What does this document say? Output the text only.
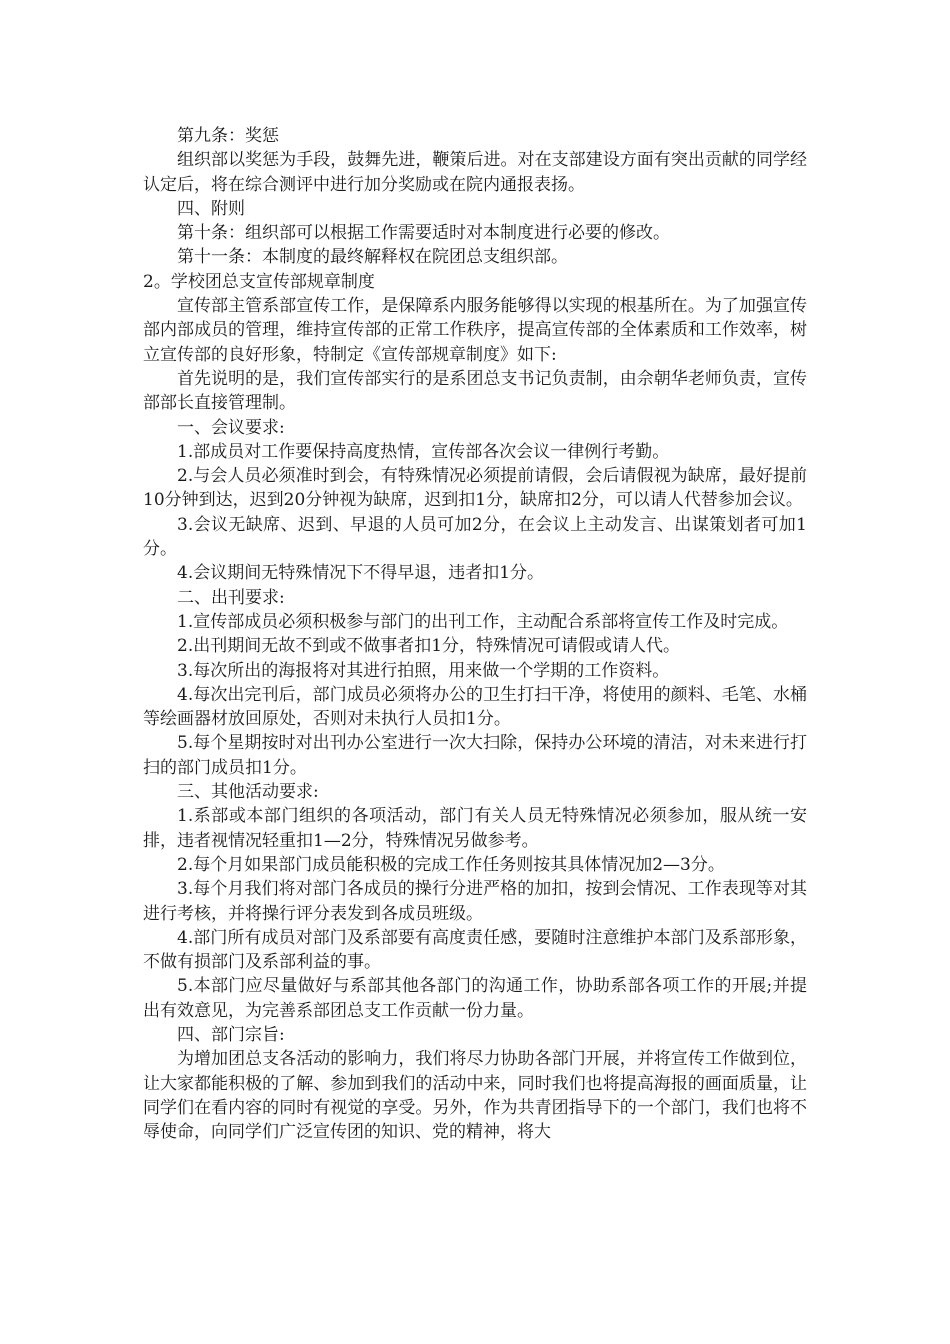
第九条：奖惩

组织部以奖惩为手段，鼓舞先进，鞭策后进。对在支部建设方面有突出贡献的同学经认定后，将在综合测评中进行加分奖励或在院内通报表扬。

四、附则

第十条：组织部可以根据工作需要适时对本制度进行必要的修改。

第十一条：本制度的最终解释权在院团总支组织部。

2。学校团总支宣传部规章制度

宣传部主管系部宣传工作，是保障系内服务能够得以实现的根基所在。为了加强宣传部内部成员的管理，维持宣传部的正常工作秩序，提高宣传部的全体素质和工作效率，树立宣传部的良好形象，特制定《宣传部规章制度》如下:

首先说明的是，我们宣传部实行的是系团总支书记负责制，由佘朝华老师负责，宣传部部长直接管理制。

一、会议要求:

1.部成员对工作要保持高度热情，宣传部各次会议一律例行考勤。

2.与会人员必须准时到会，有特殊情况必须提前请假，会后请假视为缺席，最好提前10分钟到达，迟到20分钟视为缺席，迟到扣1分，缺席扣2分，可以请人代替参加会议。

3.会议无缺席、迟到、早退的人员可加2分，在会议上主动发言、出谋策划者可加1分。

4.会议期间无特殊情况下不得早退，违者扣1分。

二、出刊要求:

1.宣传部成员必须积极参与部门的出刊工作，主动配合系部将宣传工作及时完成。

2.出刊期间无故不到或不做事者扣1分，特殊情况可请假或请人代。

3.每次所出的海报将对其进行拍照，用来做一个学期的工作资料。

4.每次出完刊后，部门成员必须将办公的卫生打扫干净，将使用的颜料、毛笔、水桶等绘画器材放回原处，否则对未执行人员扣1分。

5.每个星期按时对出刊办公室进行一次大扫除，保持办公环境的清洁，对未来进行打扫的部门成员扣1分。

三、其他活动要求:

1.系部或本部门组织的各项活动，部门有关人员无特殊情况必须参加，服从统一安排，违者视情况轻重扣1—2分，特殊情况另做参考。

2.每个月如果部门成员能积极的完成工作任务则按其具体情况加2—3分。

3.每个月我们将对部门各成员的操行分进严格的加扣，按到会情况、工作表现等对其进行考核，并将操行评分表发到各成员班级。

4.部门所有成员对部门及系部要有高度责任感，要随时注意维护本部门及系部形象，不做有损部门及系部利益的事。

5.本部门应尽量做好与系部其他各部门的沟通工作，协助系部各项工作的开展;并提出有效意见，为完善系部团总支工作贡献一份力量。

四、部门宗旨:

为增加团总支各活动的影响力，我们将尽力协助各部门开展，并将宣传工作做到位，让大家都能积极的了解、参加到我们的活动中来，同时我们也将提高海报的画面质量，让同学们在看内容的同时有视觉的享受。另外，作为共青团指导下的一个部门，我们也将不辱使命，向同学们广泛宣传团的知识、党的精神，将大
